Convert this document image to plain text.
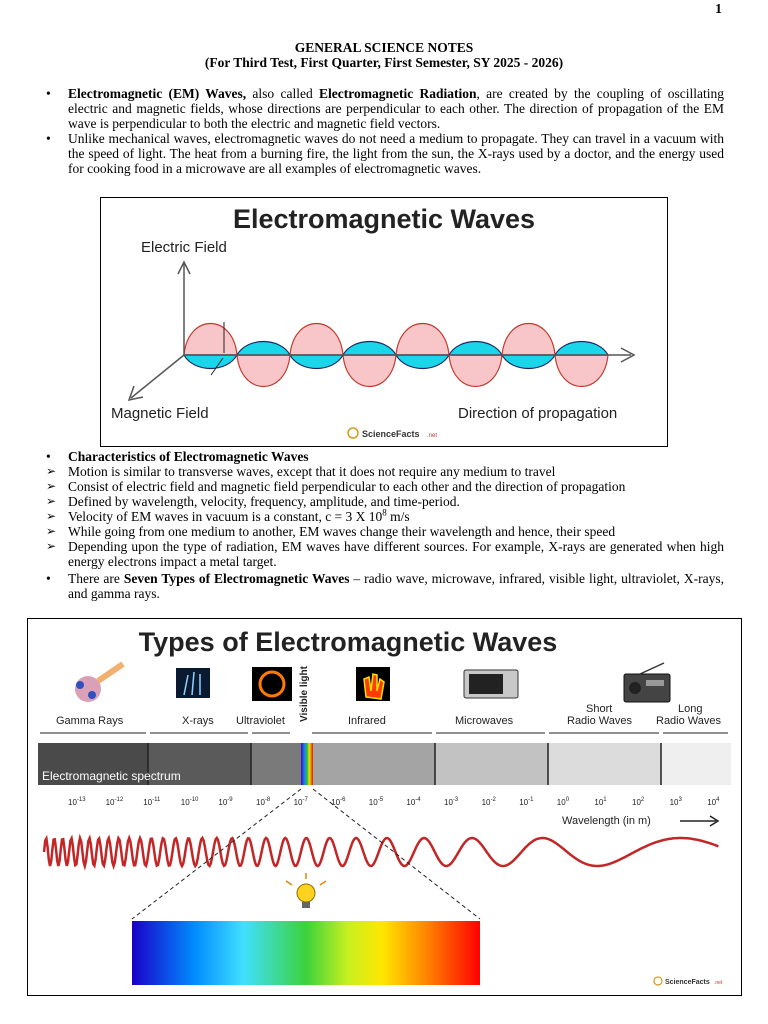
1
GENERAL SCIENCE NOTES
(For Third Test, First Quarter, First Semester, SY 2025 - 2026)
• Electromagnetic (EM) Waves, also called Electromagnetic Radiation, are created by the coupling of oscillating electric and magnetic fields, whose directions are perpendicular to each other. The direction of propagation of the EM wave is perpendicular to both the electric and magnetic field vectors.
• Unlike mechanical waves, electromagnetic waves do not need a medium to propagate. They can travel in a vacuum with the speed of light. The heat from a burning fire, the light from the sun, the X-rays used by a doctor, and the energy used for cooking food in a microwave are all examples of electromagnetic waves.
Electromagnetic Waves
Electric Field
Magnetic Field	Direction of propagation
ScienceFacts .net
• Characteristics of Electromagnetic Waves
➢ Motion is similar to transverse waves, except that it does not require any medium to travel
➢ Consist of electric field and magnetic field perpendicular to each other and the direction of propagation
➢ Defined by wavelength, velocity, frequency, amplitude, and time-period.
➢ Velocity of EM waves in vacuum is a constant, c = 3 X $10^8$ m/s
➢ While going from one medium to another, EM waves change their wavelength and hence, their speed
➢ Depending upon the type of radiation, EM waves have different sources. For example, X-rays are generated when high energy electrons impact a metal target.
• There are Seven Types of Electromagnetic Waves – radio wave, microwave, infrared, visible light, ultraviolet, X-rays, and gamma rays.
Types of Electromagnetic Waves
Visible light
Gamma Rays	X-rays Ultraviolet	Infrared	Microwaves
Short
Radio Waves
Long
Radio Waves
Electromagnetic spectrum
$10^{-13}$	$10^{-12}$	$10^{-11}$	$10^{-10}$	$10^{-9}$	$10^{-8}$	$10^{-7}$	$10^{-6}$	$10^{-5}$	$10^{-4}$	$10^{-3}$	$10^{-2}$	$10^{-1}$	$10^0$	$10^1$	$10^2$	$10^3$	$10^4$
Wavelength (in m)
ScienceFacts .net
